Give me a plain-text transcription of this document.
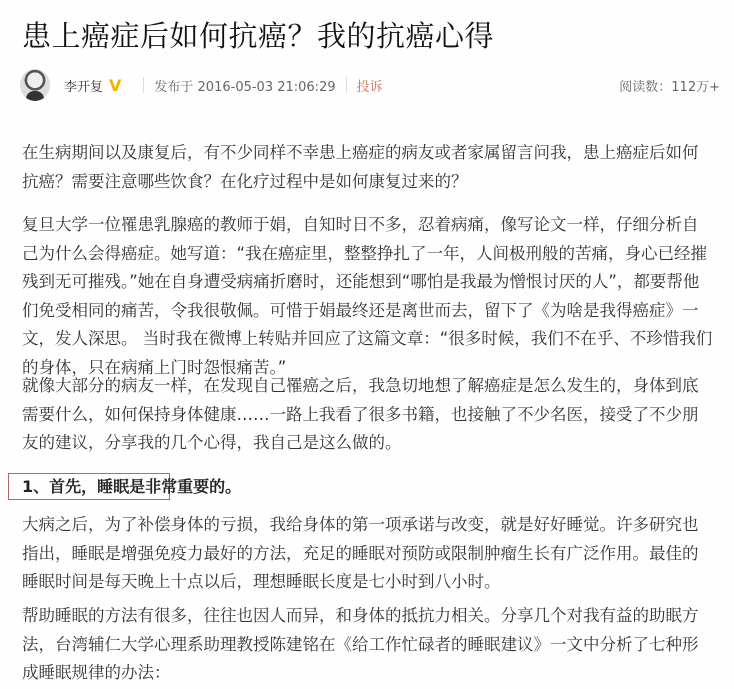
患上癌症后如何抗癌？我的抗癌心得
李开复 V	发布于 2016-05-03 21:06:29 投诉	阅读数：112万+

在生病期间以及康复后，有不少同样不幸患上癌症的病友或者家属留言问我，患上癌症后如何抗癌？需要注意哪些饮食？在化疗过程中是如何康复过来的？

复旦大学一位罹患乳腺癌的教师于娟，自知时日不多，忍着病痛，像写论文一样，仔细分析自己为什么会得癌症。她写道：“我在癌症里，整整挣扎了一年，人间极刑般的苦痛，身心已经摧残到无可摧残。”她在自身遭受病痛折磨时，还能想到“哪怕是我最为憎恨讨厌的人”，都要帮他们免受相同的痛苦，令我很敬佩。可惜于娟最终还是离世而去，留下了《为啥是我得癌症》一文，发人深思。 当时我在微博上转贴并回应了这篇文章：“很多时候，我们不在乎、不珍惜我们的身体，只在病痛上门时怨恨痛苦。”

就像大部分的病友一样，在发现自己罹癌之后，我急切地想了解癌症是怎么发生的，身体到底需要什么，如何保持身体健康……一路上我看了很多书籍，也接触了不少名医，接受了不少朋友的建议，分享我的几个心得，我自己是这么做的。

1、首先，睡眠是非常重要的。

大病之后，为了补偿身体的亏损，我给身体的第一项承诺与改变，就是好好睡觉。许多研究也指出，睡眠是增强免疫力最好的方法，充足的睡眠对预防或限制肿瘤生长有广泛作用。最佳的睡眠时间是每天晚上十点以后，理想睡眠长度是七小时到八小时。

帮助睡眠的方法有很多，往往也因人而异，和身体的抵抗力相关。分享几个对我有益的助眠方法，台湾辅仁大学心理系助理教授陈建铭在《给工作忙碌者的睡眠建议》一文中分析了七种形成睡眠规律的办法：
